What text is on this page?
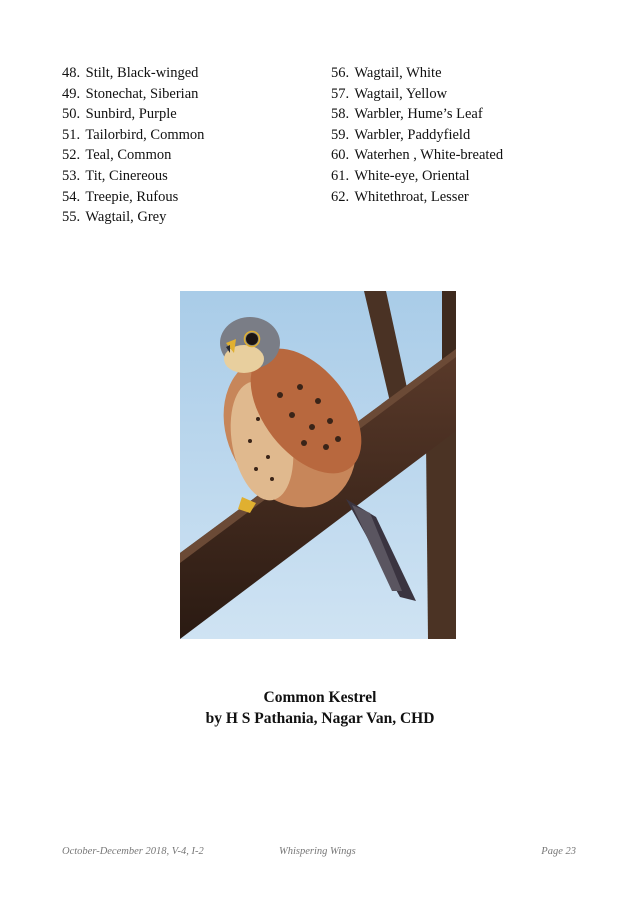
48. Stilt, Black-winged
49. Stonechat, Siberian
50. Sunbird, Purple
51. Tailorbird, Common
52. Teal, Common
53. Tit, Cinereous
54. Treepie, Rufous
55. Wagtail, Grey
56. Wagtail, White
57. Wagtail, Yellow
58. Warbler, Hume’s Leaf
59. Warbler, Paddyfield
60. Waterhen , White-breated
61. White-eye, Oriental
62. Whitethroat, Lesser
Common Kestrel
by H S Pathania, Nagar Van, CHD
October-December 2018, V-4, I-2	Whispering Wings	Page 23
